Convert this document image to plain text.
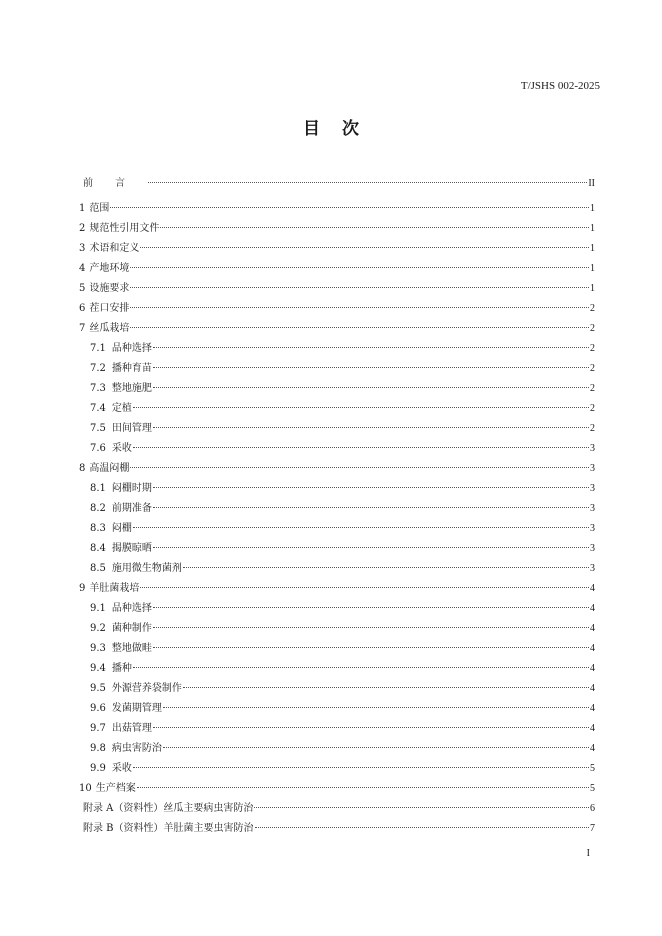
T/JSHS 002-2025
目 次
前言	II
1 范围	1
2 规范性引用文件	1
3 术语和定义	1
4 产地环境	1
5 设施要求	1
6 茬口安排	2
7 丝瓜栽培	2
7.1 品种选择	2
7.2 播种育苗	2
7.3 整地施肥	2
7.4 定植	2
7.5 田间管理	2
7.6 采收	3
8 高温闷棚	3
8.1 闷棚时期	3
8.2 前期准备	3
8.3 闷棚	3
8.4 揭膜晾晒	3
8.5 施用微生物菌剂	3
9 羊肚菌栽培	4
9.1 品种选择	4
9.2 菌种制作	4
9.3 整地做畦	4
9.4 播种	4
9.5 外源营养袋制作	4
9.6 发菌期管理	4
9.7 出菇管理	4
9.8 病虫害防治	4
9.9 采收	5
10 生产档案	5
附录 A（资料性）丝瓜主要病虫害防治	6
附录 B（资料性）羊肚菌主要虫害防治	7
I
